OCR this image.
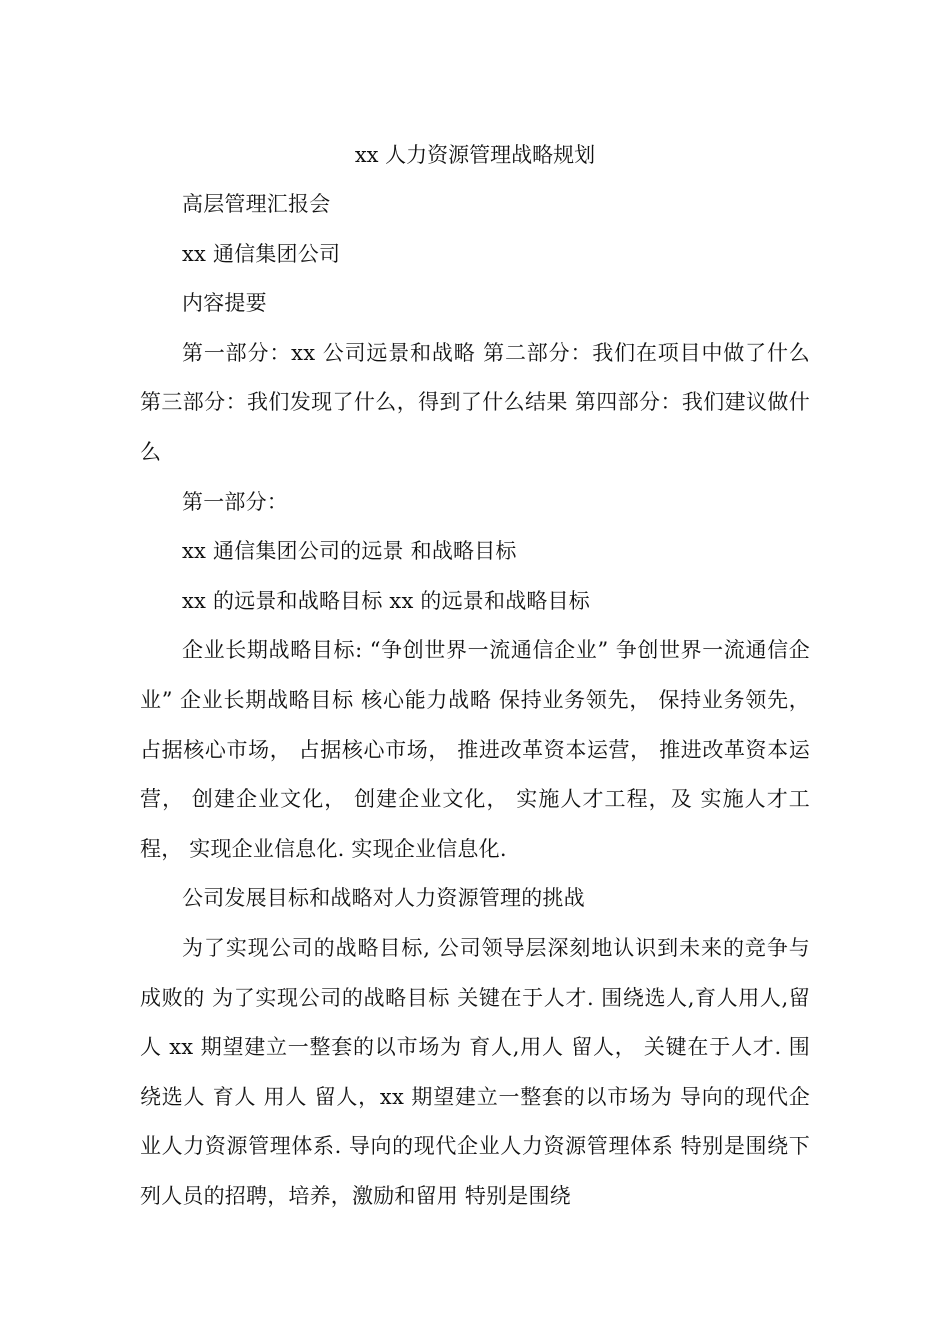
xx 人力资源管理战略规划

高层管理汇报会

xx 通信集团公司

内容提要

第一部分：xx 公司远景和战略 第二部分：我们在项目中做了什么 第三部分：我们发现了什么，得到了什么结果 第四部分：我们建议做什么

第一部分：

xx 通信集团公司的远景 和战略目标

xx 的远景和战略目标 xx 的远景和战略目标

企业长期战略目标: “争创世界一流通信企业” 争创世界一流通信企业” 企业长期战略目标 核心能力战略 保持业务领先， 保持业务领先， 占据核心市场， 占据核心市场， 推进改革资本运营， 推进改革资本运营， 创建企业文化， 创建企业文化， 实施人才工程，及 实施人才工程， 实现企业信息化. 实现企业信息化.

公司发展目标和战略对人力资源管理的挑战

为了实现公司的战略目标, 公司领导层深刻地认识到未来的竞争与成败的 为了实现公司的战略目标 关键在于人才. 围绕选人,育人用人,留人 xx 期望建立一整套的以市场为 育人,用人 留人， 关键在于人才. 围绕选人 育人 用人 留人，xx 期望建立一整套的以市场为 导向的现代企业人力资源管理体系. 导向的现代企业人力资源管理体系 特别是围绕下列人员的招聘，培养，激励和留用 特别是围绕
